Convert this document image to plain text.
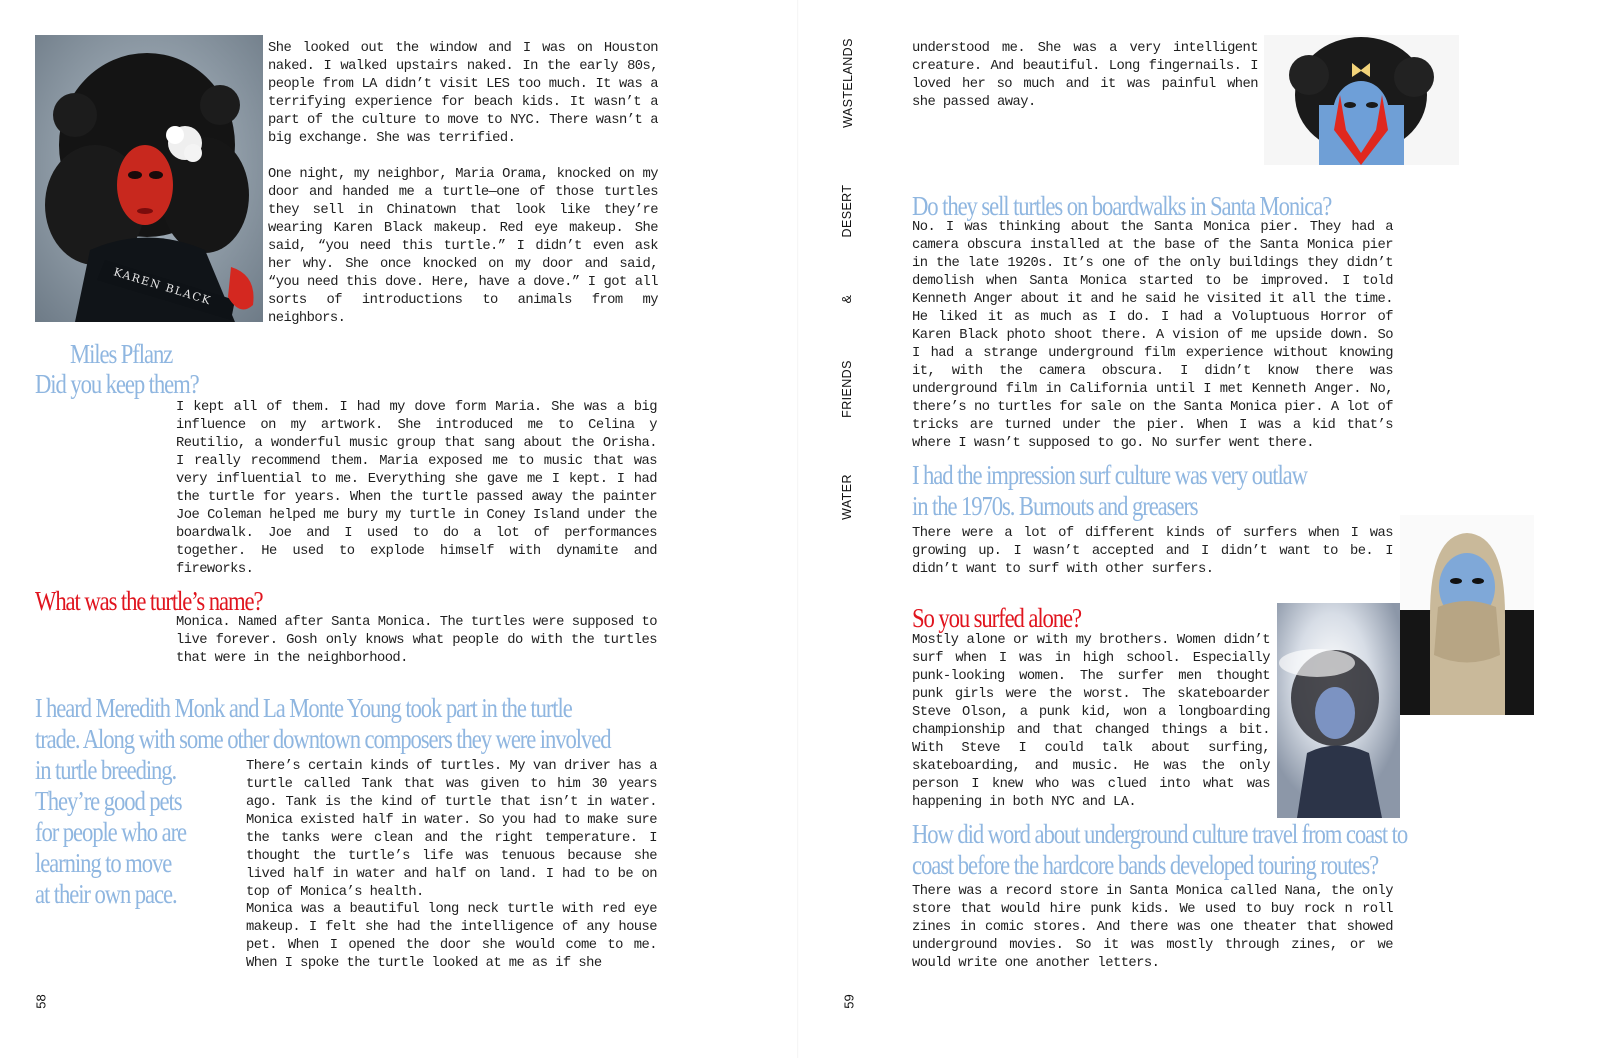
KAREN BLACK

She looked out the window and I was on Houston naked. I walked upstairs naked. In the early 80s, people from LA didn’t visit LES too much. It was a terrifying experience for beach kids. It wasn’t a part of the culture to move to NYC. There wasn’t a big exchange. She was terrified.

One night, my neighbor, Maria Orama, knocked on my door and handed me a turtle—one of those turtles they sell in Chinatown that look like they’re wearing Karen Black makeup. Red eye makeup. She said, “you need this turtle.” I didn’t even ask her why. She once knocked on my door and said, “you need this dove. Here, have a dove.” I got all sorts of introductions to animals from my neighbors.

Miles Pflanz
Did you keep them?

I kept all of them. I had my dove form Maria. She was a big influence on my artwork. She introduced me to Celina y Reutilio, a wonderful music group that sang about the Orisha. I really recommend them. Maria exposed me to music that was very influential to me. Everything she gave me I kept. I had the turtle for years. When the turtle passed away the painter Joe Coleman helped me bury my turtle in Coney Island under the boardwalk. Joe and I used to do a lot of performances together. He used to explode himself with dynamite and fireworks.

What was the turtle’s name?

Monica. Named after Santa Monica. The turtles were supposed to live forever. Gosh only knows what people do with the turtles that were in the neighborhood.

I heard Meredith Monk and La Monte Young took part in the turtle
trade. Along with some other downtown composers they were involved
in turtle breeding.
They’re good pets
for people who are
learning to move
at their own pace.

There’s certain kinds of turtles. My van driver has a turtle called Tank that was given to him 30 years ago. Tank is the kind of turtle that isn’t in water. Monica existed half in water. So you had to make sure the tanks were clean and the right temperature. I thought the turtle’s life was tenuous because she lived half in water and half on land. I had to be on top of Monica’s health.

Monica was a beautiful long neck turtle with red eye makeup. I felt she had the intelligence of any house pet. When I opened the door she would come to me. When I spoke the turtle looked at me as if she

58
WASTELANDS
DESERT
&
FRIENDS
WATER

understood me. She was a very intelligent creature. And beautiful. Long fingernails. I loved her so much and it was painful when she passed away.

Do they sell turtles on boardwalks in Santa Monica?

No. I was thinking about the Santa Monica pier. They had a camera obscura installed at the base of the Santa Monica pier in the late 1920s. It’s one of the only buildings they didn’t demolish when Santa Monica started to be improved. I told Kenneth Anger about it and he said he visited it all the time. He liked it as much as I do. I had a Voluptuous Horror of Karen Black photo shoot there. A vision of me upside down. So I had a strange underground film experience without knowing it, with the camera obscura. I didn’t know there was underground film in California until I met Kenneth Anger. No, there’s no turtles for sale on the Santa Monica pier. A lot of tricks are turned under the pier. When I was a kid that’s where I wasn’t supposed to go. No surfer went there.

I had the impression surf culture was very outlaw
in the 1970s. Burnouts and greasers

There were a lot of different kinds of surfers when I was growing up. I wasn’t accepted and I didn’t want to be. I didn’t want to surf with other surfers.

So you surfed alone?

Mostly alone or with my brothers. Women didn’t surf when I was in high school. Especially punk-looking women. The surfer men thought punk girls were the worst. The skateboarder Steve Olson, a punk kid, won a longboarding championship and that changed things a bit. With Steve I could talk about surfing, skateboarding, and music. He was the only person I knew who was clued into what was happening in both NYC and LA.

How did word about underground culture travel from coast to
coast before the hardcore bands developed touring routes?

There was a record store in Santa Monica called Nana, the only store that would hire punk kids. We used to buy rock n roll zines in comic stores. And there was one theater that showed underground movies. So it was mostly through zines, or we would write one another letters.

59
